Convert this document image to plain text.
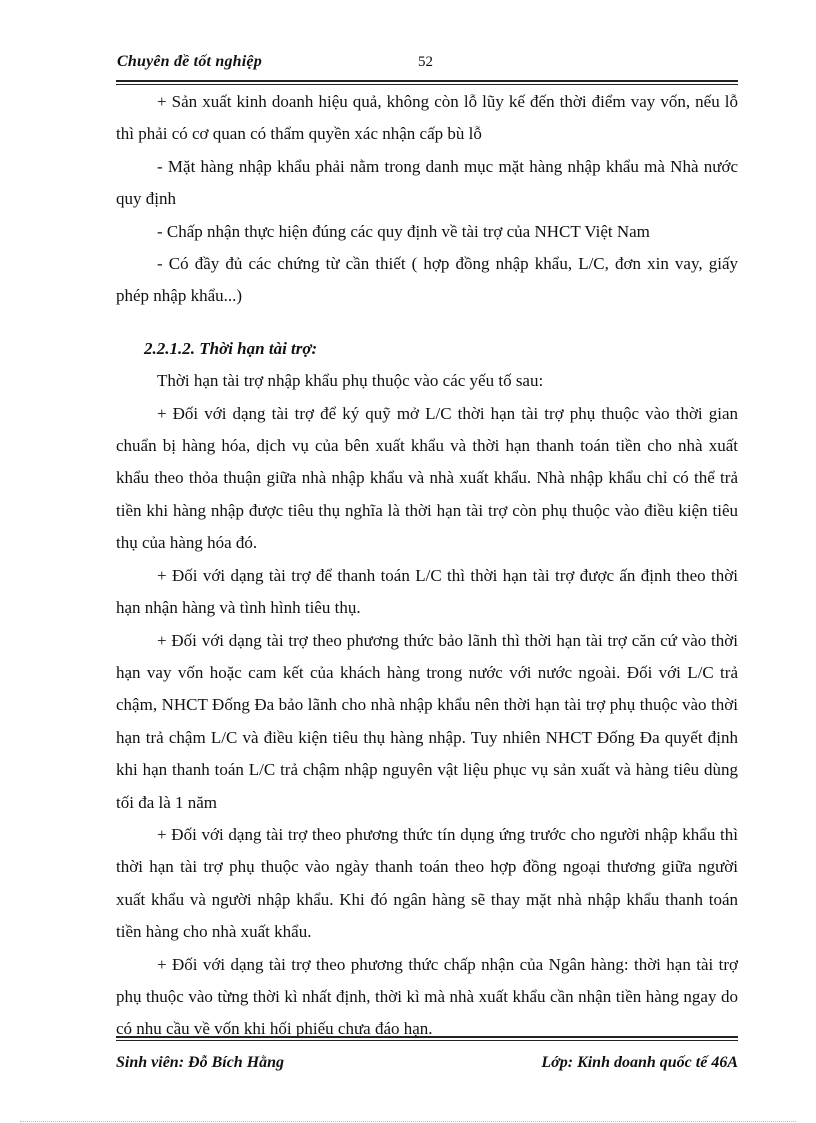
Chuyên đề tốt nghiệp	52

+ Sản xuất kinh doanh hiệu quả, không còn lỗ lũy kế đến thời điểm vay vốn, nếu lỗ thì phải có cơ quan có thẩm quyền xác nhận cấp bù lỗ

- Mặt hàng nhập khẩu phải nằm trong danh mục mặt hàng nhập khẩu mà Nhà nước quy định

- Chấp nhận thực hiện đúng các quy định về tài trợ của NHCT Việt Nam

- Có đầy đủ các chứng từ cần thiết ( hợp đồng nhập khẩu, L/C, đơn xin vay, giấy phép nhập khẩu...)

2.2.1.2. Thời hạn tài trợ:

Thời hạn tài trợ nhập khẩu phụ thuộc vào các yếu tố sau:

+ Đối với dạng tài trợ để ký quỹ mở L/C thời hạn tài trợ phụ thuộc vào thời gian chuẩn bị hàng hóa, dịch vụ của bên xuất khẩu và thời hạn thanh toán tiền cho nhà xuất khẩu theo thỏa thuận giữa nhà nhập khẩu và nhà xuất khẩu. Nhà nhập khẩu chỉ có thể trả tiền khi hàng nhập được tiêu thụ nghĩa là thời hạn tài trợ còn phụ thuộc vào điều kiện tiêu thụ của hàng hóa đó.

+ Đối với dạng tài trợ để thanh toán L/C thì thời hạn tài trợ được ấn định theo thời hạn nhận hàng và tình hình tiêu thụ.

+ Đối với dạng tài trợ theo phương thức bảo lãnh thì thời hạn tài trợ căn cứ vào thời hạn vay vốn hoặc cam kết của khách hàng trong nước với nước ngoài. Đối với L/C trả chậm, NHCT Đống Đa bảo lãnh cho nhà nhập khẩu nên thời hạn tài trợ phụ thuộc vào thời hạn trả chậm L/C và điều kiện tiêu thụ hàng nhập. Tuy nhiên NHCT Đống Đa quyết định khi hạn thanh toán L/C trả chậm nhập nguyên vật liệu phục vụ sản xuất và hàng tiêu dùng tối đa là 1 năm

+ Đối với dạng tài trợ theo phương thức tín dụng ứng trước cho người nhập khẩu thì thời hạn tài trợ phụ thuộc vào ngày thanh toán theo hợp đồng ngoại thương giữa người xuất khẩu và người nhập khẩu. Khi đó ngân hàng sẽ thay mặt nhà nhập khẩu thanh toán tiền hàng cho nhà xuất khẩu.

+ Đối với dạng tài trợ theo phương thức chấp nhận của Ngân hàng: thời hạn tài trợ phụ thuộc vào từng thời kì nhất định, thời kì mà nhà xuất khẩu cần nhận tiền hàng ngay do có nhu cầu về vốn khi hối phiếu chưa đáo hạn.

Sinh viên: Đỗ Bích Hằng	Lớp: Kinh doanh quốc tế 46A
